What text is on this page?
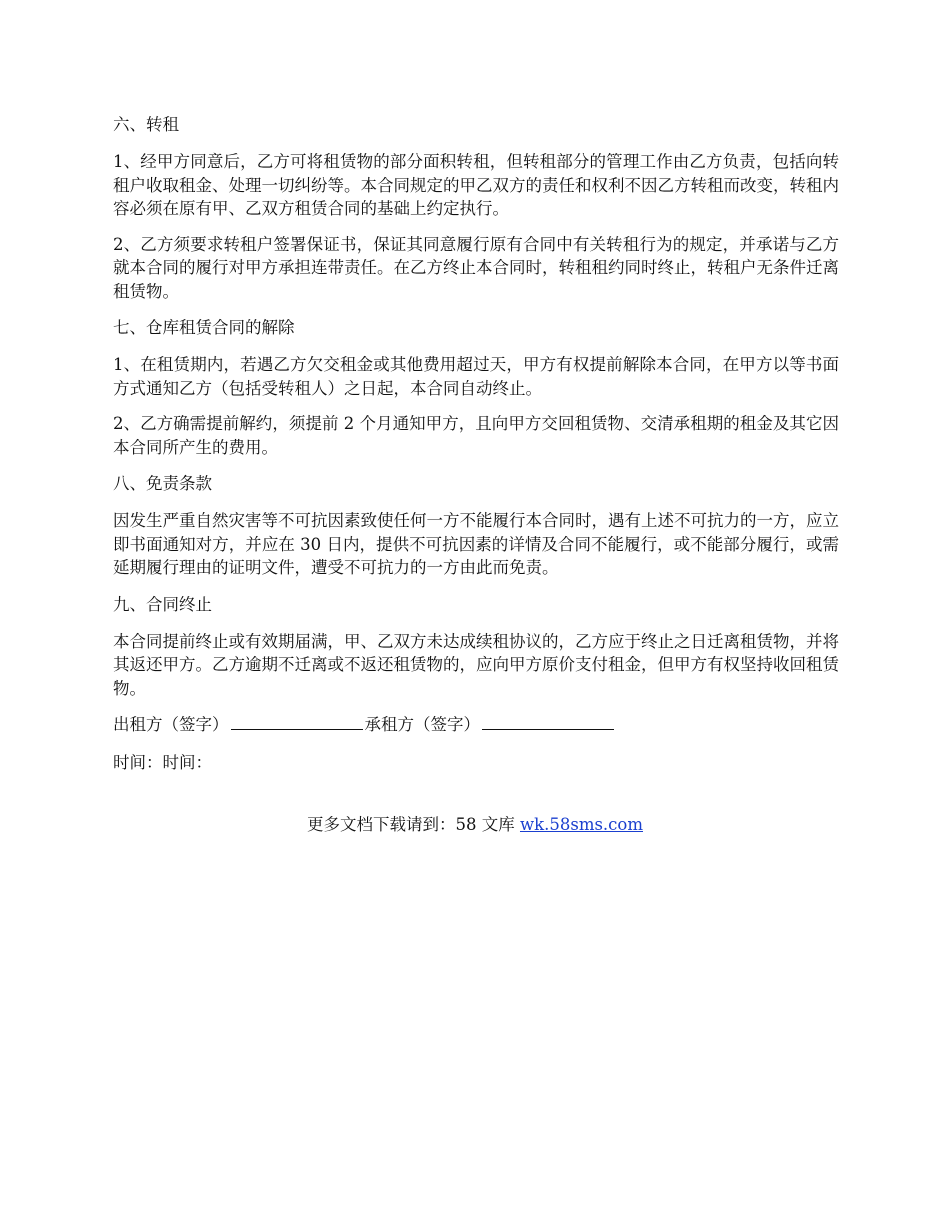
六、转租
1、经甲方同意后，乙方可将租赁物的部分面积转租，但转租部分的管理工作由乙方负责，包括向转租户收取租金、处理一切纠纷等。本合同规定的甲乙双方的责任和权利不因乙方转租而改变，转租内容必须在原有甲、乙双方租赁合同的基础上约定执行。
2、乙方须要求转租户签署保证书，保证其同意履行原有合同中有关转租行为的规定，并承诺与乙方就本合同的履行对甲方承担连带责任。在乙方终止本合同时，转租租约同时终止，转租户无条件迁离租赁物。
七、仓库租赁合同的解除
1、在租赁期内，若遇乙方欠交租金或其他费用超过天，甲方有权提前解除本合同，在甲方以等书面方式通知乙方（包括受转租人）之日起，本合同自动终止。
2、乙方确需提前解约，须提前 2 个月通知甲方，且向甲方交回租赁物、交清承租期的租金及其它因本合同所产生的费用。
八、免责条款
因发生严重自然灾害等不可抗因素致使任何一方不能履行本合同时，遇有上述不可抗力的一方，应立即书面通知对方，并应在 30 日内，提供不可抗因素的详情及合同不能履行，或不能部分履行，或需延期履行理由的证明文件，遭受不可抗力的一方由此而免责。
九、合同终止
本合同提前终止或有效期届满，甲、乙双方未达成续租协议的，乙方应于终止之日迁离租赁物，并将其返还甲方。乙方逾期不迁离或不返还租赁物的，应向甲方原价支付租金，但甲方有权坚持收回租赁物。
出租方（签字）	承租方（签字）
时间：时间：
更多文档下载请到：58 文库 wk.58sms.com
